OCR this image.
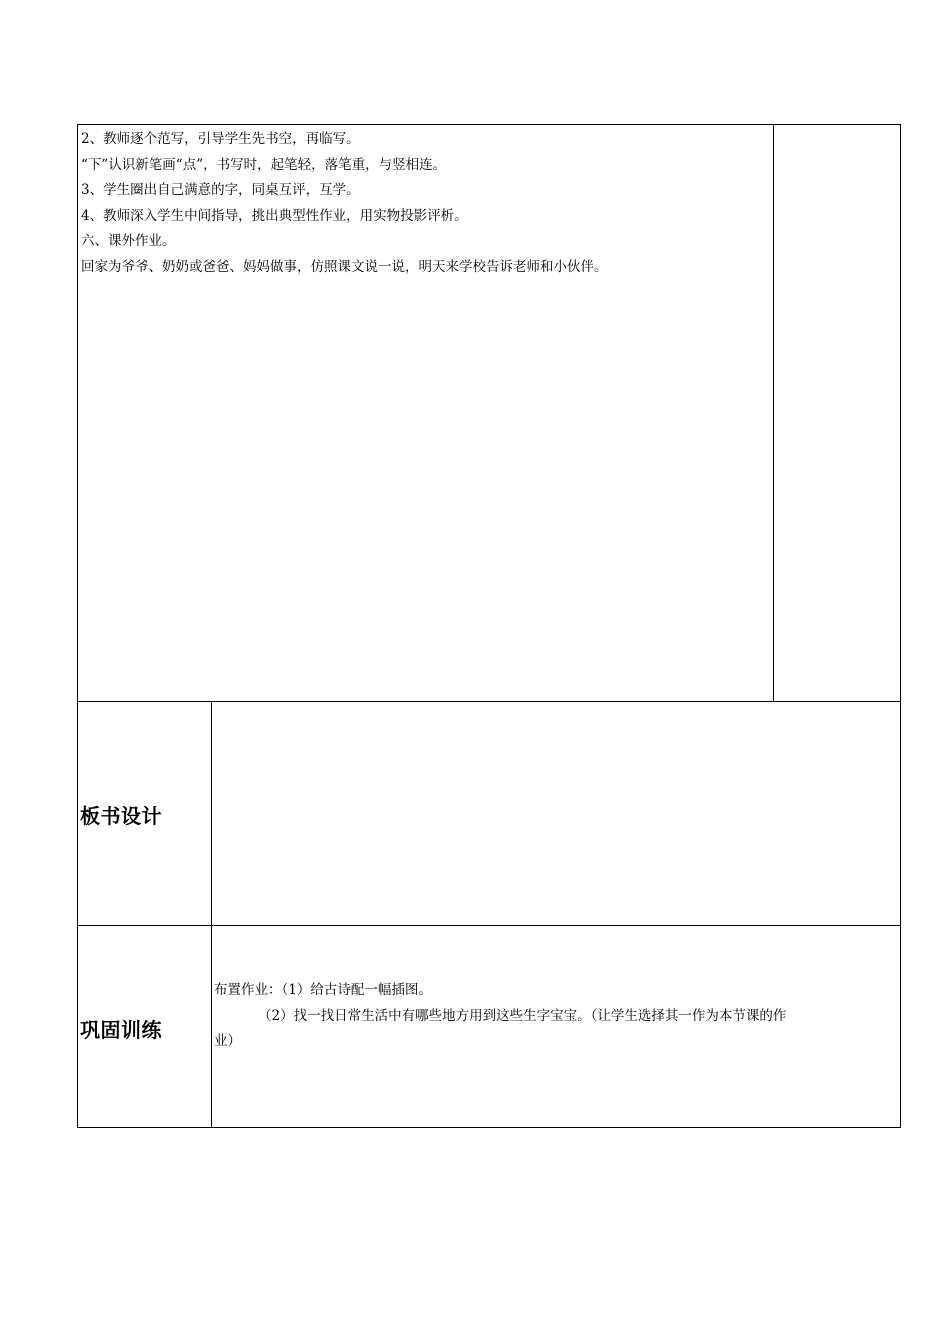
2、教师逐个范写，引导学生先书空，再临写。
“下”认识新笔画“点”，书写时，起笔轻，落笔重，与竖相连。
3、学生圈出自己满意的字，同桌互评，互学。
4、教师深入学生中间指导，挑出典型性作业，用实物投影评析。
六、课外作业。
回家为爷爷、奶奶或爸爸、妈妈做事，仿照课文说一说，明天来学校告诉老师和小伙伴。
板书设计
巩固训练
布置作业：（1）给古诗配一幅插图。
（2）找一找日常生活中有哪些地方用到这些生字宝宝。（让学生选择其一作为本节课的作
业）
